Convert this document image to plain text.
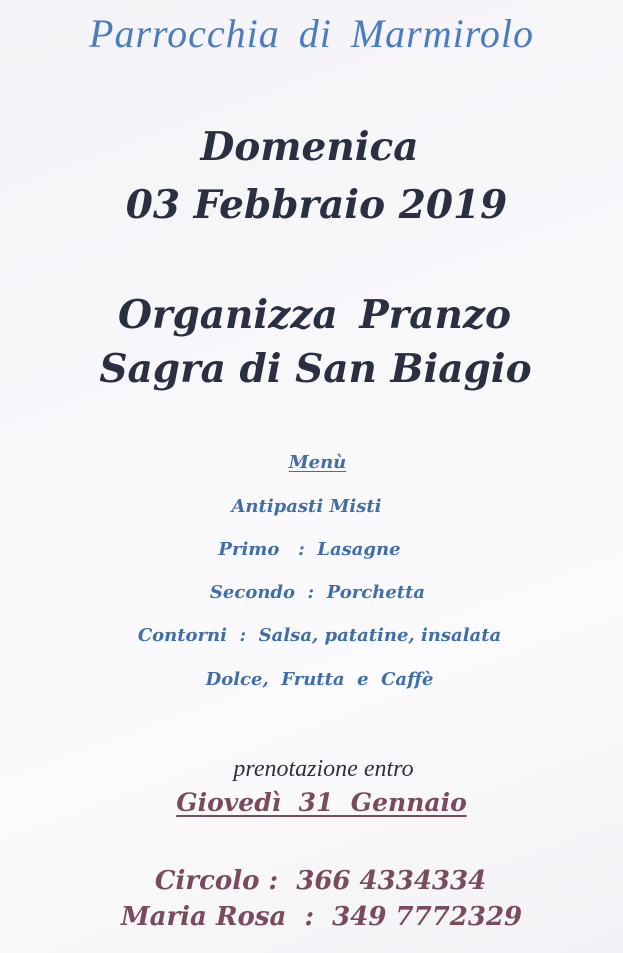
Parrocchia di Marmirolo
Domenica
03 Febbraio 2019
Organizza Pranzo
Sagra di San Biagio
Menù
Antipasti Misti
Primo   :  Lasagne
Secondo  :  Porchetta
Contorni  :  Salsa, patatine, insalata
Dolce,  Frutta  e  Caffè
prenotazione entro
Giovedì  31  Gennaio
Circolo :  366 4334334
Maria Rosa  :  349 7772329
